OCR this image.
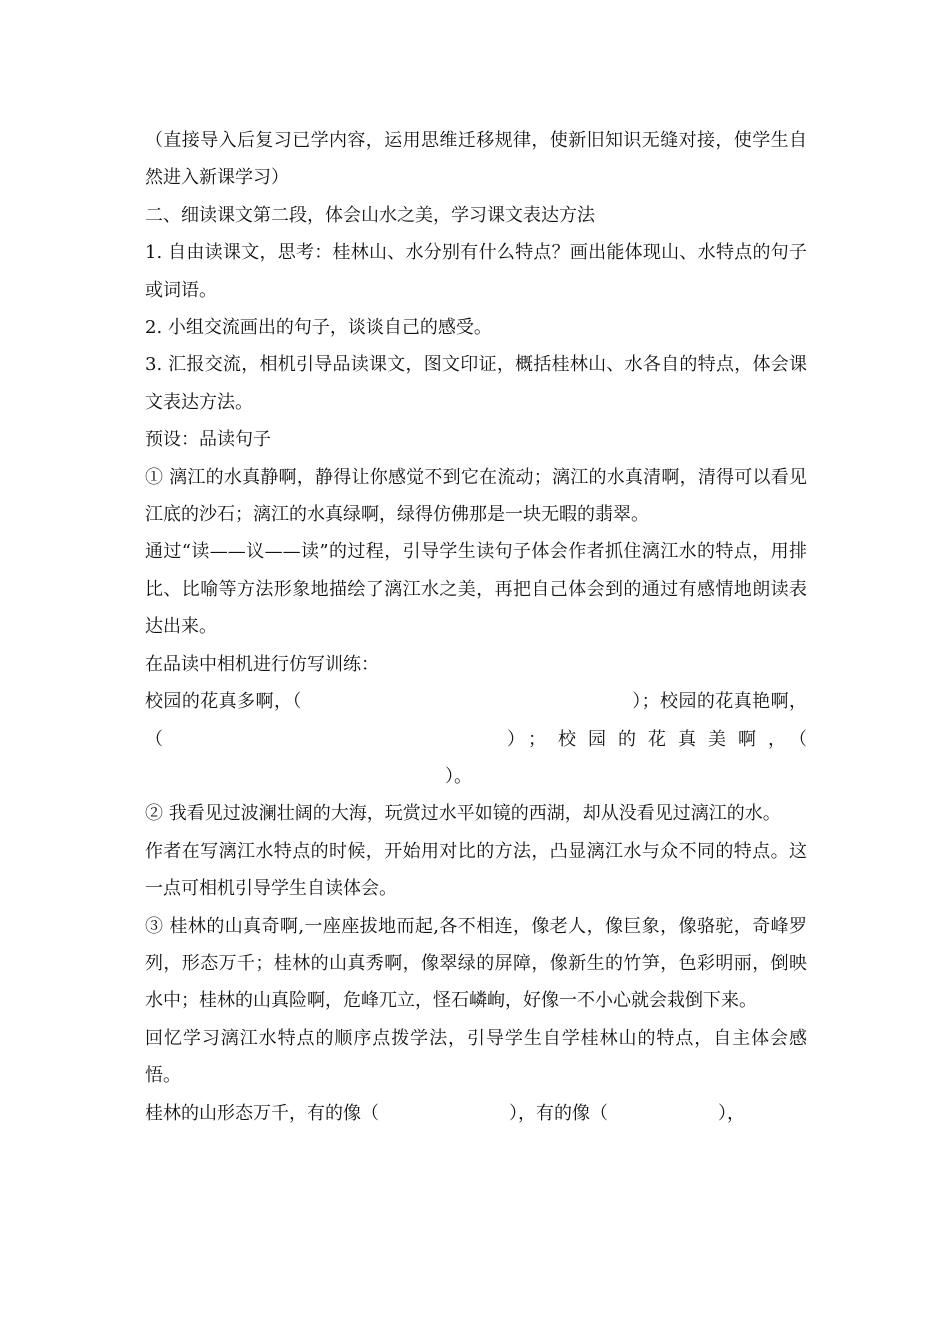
（直接导入后复习已学内容，运用思维迁移规律，使新旧知识无缝对接，使学生自然进入新课学习）

二、细读课文第二段，体会山水之美，学习课文表达方法

1. 自由读课文，思考：桂林山、水分别有什么特点？画出能体现山、水特点的句子或词语。

2. 小组交流画出的句子，谈谈自己的感受。

3. 汇报交流，相机引导品读课文，图文印证，概括桂林山、水各自的特点，体会课文表达方法。

预设：品读句子

① 漓江的水真静啊，静得让你感觉不到它在流动；漓江的水真清啊，清得可以看见江底的沙石；漓江的水真绿啊，绿得仿佛那是一块无暇的翡翠。

通过“读——议——读”的过程，引导学生读句子体会作者抓住漓江水的特点，用排比、比喻等方法形象地描绘了漓江水之美，再把自己体会到的通过有感情地朗读表达出来。

在品读中相机进行仿写训练：

校园的花真多啊，（	）；校园的花真艳啊，（	）；校园的花真美啊，（）。

② 我看见过波澜壮阔的大海，玩赏过水平如镜的西湖，却从没看见过漓江的水。

作者在写漓江水特点的时候，开始用对比的方法，凸显漓江水与众不同的特点。这一点可相机引导学生自读体会。

③ 桂林的山真奇啊,一座座拔地而起,各不相连，像老人，像巨象，像骆驼，奇峰罗列，形态万千；桂林的山真秀啊，像翠绿的屏障，像新生的竹笋，色彩明丽，倒映水中；桂林的山真险啊，危峰兀立，怪石嶙峋，好像一不小心就会栽倒下来。

回忆学习漓江水特点的顺序点拨学法，引导学生自学桂林山的特点，自主体会感悟。

桂林的山形态万千，有的像（	），有的像（	），
